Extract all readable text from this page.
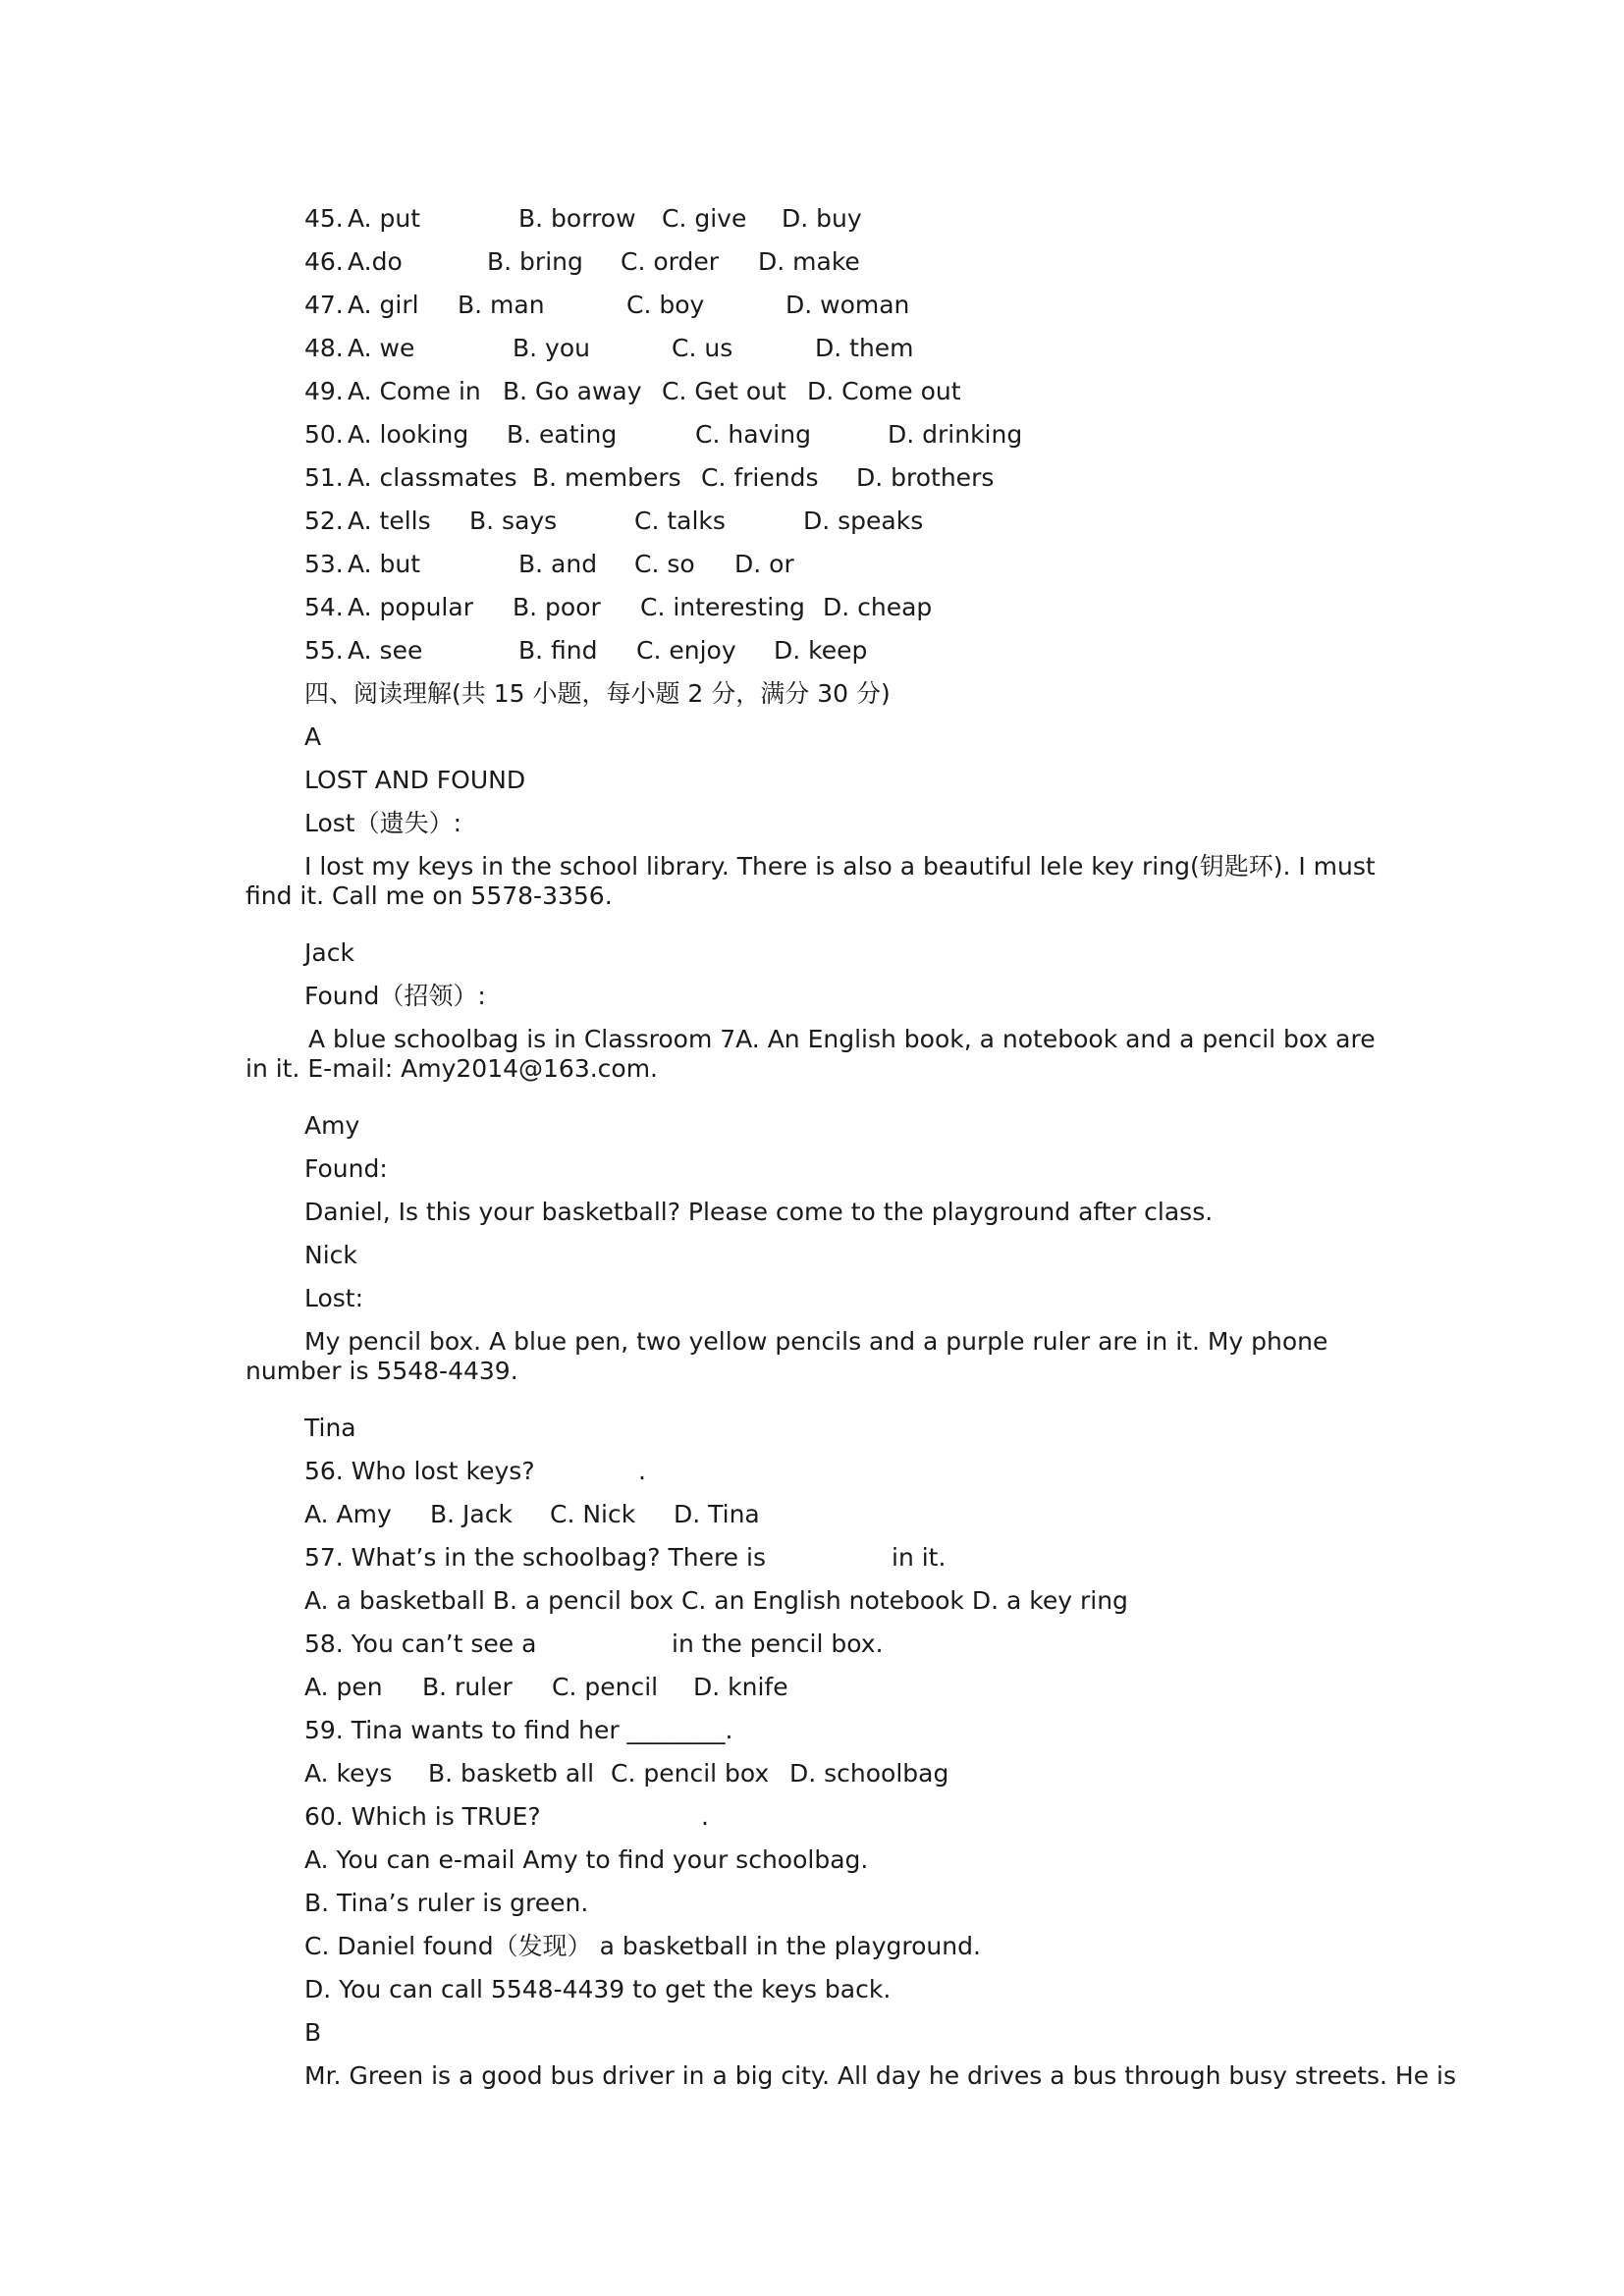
45. A. put	B. borrow C. give D. buy
46. A.do	B. bring C. order D. make
47. A. girl B. man	C. boy	D. woman
48. A. we	B. you	C. us	D. them
49. A. Come in B. Go away C. Get out D. Come out
50. A. looking B. eating	C. having	D. drinking
51. A. classmates B. members C. friends D. brothers
52. A. tells B. says	C. talks	D. speaks
53. A. but	B. and C. so D. or
54. A. popular B. poor C. interesting D. cheap
55. A. see	B. find C. enjoy D. keep
四、阅读理解(共 15 小题，每小题 2 分，满分 30 分)
A
LOST AND FOUND
Lost（遗失）:
I lost my keys in the school library. There is also a beautiful lele key ring(钥匙环). I must find it. Call me on 5578-3356.
Jack
Found（招领）:
A blue schoolbag is in Classroom 7A. An English book, a notebook and a pencil box are in it. E-mail: Amy2014@163.com.
Amy
Found:
Daniel, Is this your basketball? Please come to the playground after class.
Nick
Lost:
My pencil box. A blue pen, two yellow pencils and a purple ruler are in it. My phone number is 5548-4439.
Tina
56. Who lost keys?	.
A. Amy B. Jack C. Nick D. Tina
57. What’s in the schoolbag? There is	in it.
A. a basketball B. a pencil box C. an English notebook D. a key ring
58. You can’t see a	in the pencil box.
A. pen B. ruler C. pencil D. knife
59. Tina wants to find her ________.
A. keys B. basketb all C. pencil box D. schoolbag
60. Which is TRUE?	.
A. You can e-mail Amy to find your schoolbag.
B. Tina’s ruler is green.
C. Daniel found（发现） a basketball in the playground.
D. You can call 5548-4439 to get the keys back.
B
Mr. Green is a good bus driver in a big city. All day he drives a bus through busy streets. He is
